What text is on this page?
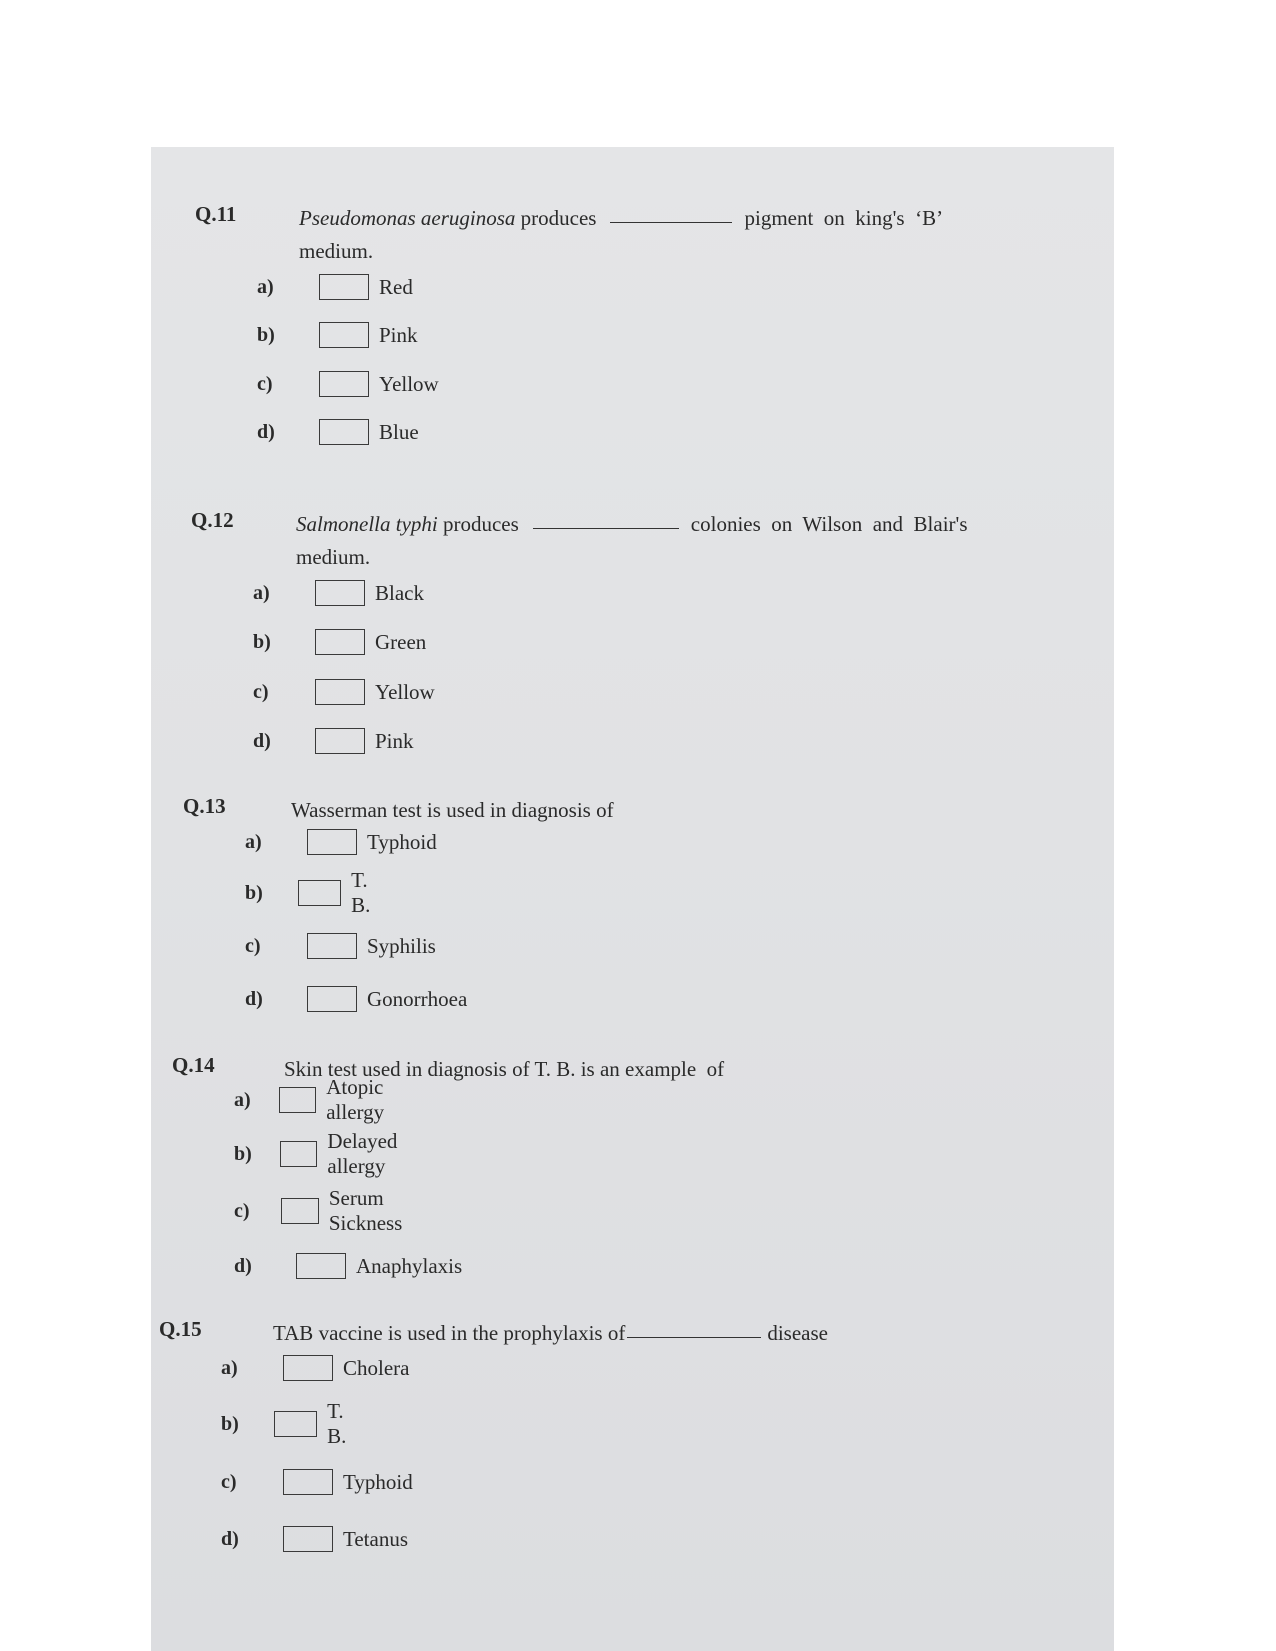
Q.11	Pseudomonas aeruginosa produces	pigment  on  king's  ‘B’
medium.
a)	Red
b)	Pink
c)	Yellow
d)	Blue
Q.12	Salmonella typhi produces	colonies  on  Wilson  and  Blair's
medium.
a)	Black
b)	Green
c)	Yellow
d)	Pink
Q.13	Wasserman test is used in diagnosis of
a)	Typhoid
b)
T. B.
c)	Syphilis
d)	Gonorrhoea
Q.14	Skin test used in diagnosis of T. B. is an example  of
a)
Atopic allergy
b)
Delayed allergy
c)
Serum Sickness
d)	Anaphylaxis
Q.15	TAB vaccine is used in the prophylaxis of	disease
a)	Cholera
b)
T. B.
c)	Typhoid
d)	Tetanus
